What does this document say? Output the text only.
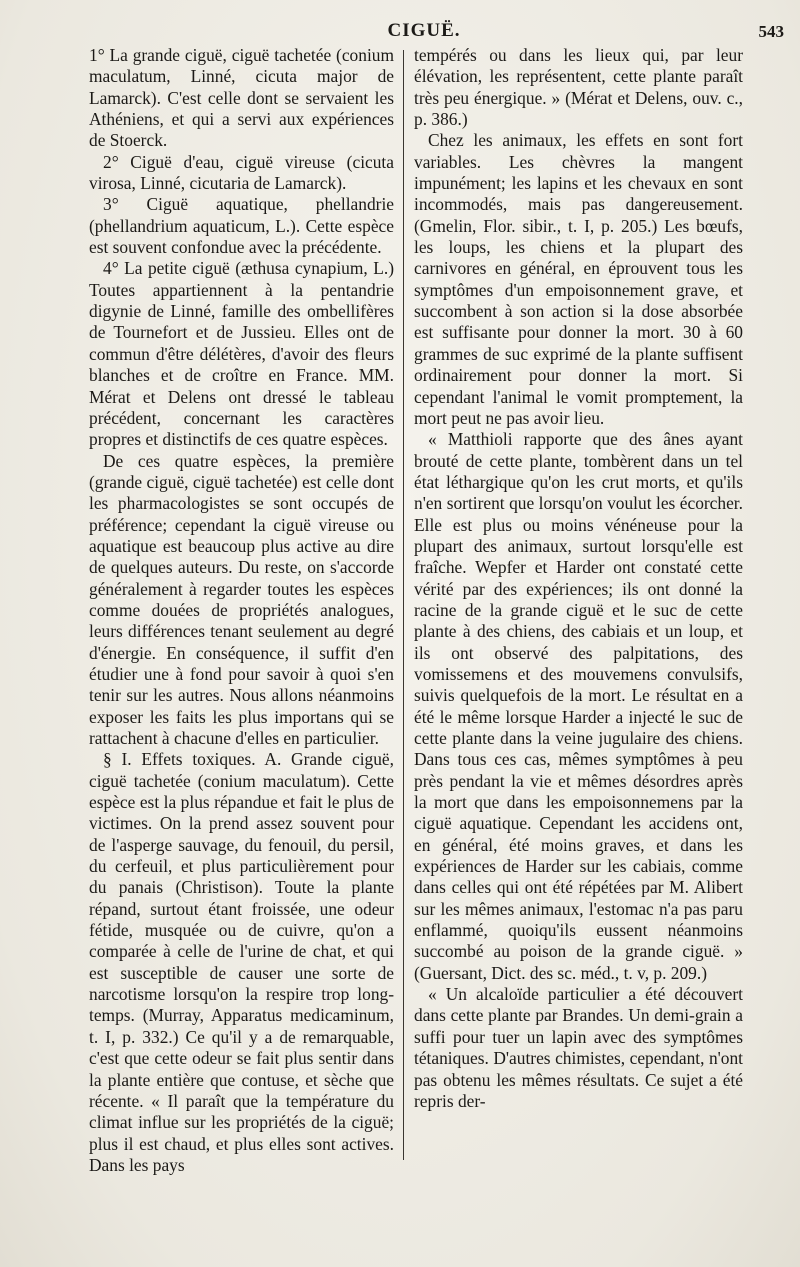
CIGUË.	543

1° La grande ciguë, ciguë tachetée (conium maculatum, Linné, cicuta major de Lamarck). C'est celle dont se servaient les Athéniens, et qui a servi aux expériences de Stoerck.

2° Ciguë d'eau, ciguë vireuse (cicuta virosa, Linné, cicutaria de Lamarck).

3° Ciguë aquatique, phellandrie (phellandrium aquaticum, L.). Cette espèce est souvent confondue avec la précédente.

4° La petite ciguë (æthusa cynapium, L.) Toutes appartiennent à la pentandrie digynie de Linné, famille des ombellifères de Tournefort et de Jussieu. Elles ont de commun d'être délétères, d'avoir des fleurs blanches et de croître en France. MM. Mérat et Delens ont dressé le tableau précédent, concernant les caractères propres et distinctifs de ces quatre espèces.

De ces quatre espèces, la première (grande ciguë, ciguë tachetée) est celle dont les pharmacologistes se sont occupés de préférence; cependant la ciguë vireuse ou aquatique est beaucoup plus active au dire de quelques auteurs. Du reste, on s'accorde généralement à regarder toutes les espèces comme douées de propriétés analogues, leurs différences tenant seulement au degré d'énergie. En conséquence, il suffit d'en étudier une à fond pour savoir à quoi s'en tenir sur les autres. Nous allons néanmoins exposer les faits les plus importans qui se rattachent à chacune d'elles en particulier.

§ I. Effets toxiques. A. Grande ciguë, ciguë tachetée (conium maculatum). Cette espèce est la plus répandue et fait le plus de victimes. On la prend assez souvent pour de l'asperge sauvage, du fenouil, du persil, du cerfeuil, et plus particulièrement pour du panais (Christison). Toute la plante répand, surtout étant froissée, une odeur fétide, musquée ou de cuivre, qu'on a comparée à celle de l'urine de chat, et qui est susceptible de causer une sorte de narcotisme lorsqu'on la respire trop long-temps. (Murray, Apparatus medicaminum, t. I, p. 332.) Ce qu'il y a de remarquable, c'est que cette odeur se fait plus sentir dans la plante entière que contuse, et sèche que récente. « Il paraît que la température du climat influe sur les propriétés de la ciguë; plus il est chaud, et plus elles sont actives. Dans les pays

tempérés ou dans les lieux qui, par leur élévation, les représentent, cette plante paraît très peu énergique. » (Mérat et Delens, ouv. c., p. 386.)

Chez les animaux, les effets en sont fort variables. Les chèvres la mangent impunément; les lapins et les chevaux en sont incommodés, mais pas dangereusement. (Gmelin, Flor. sibir., t. I, p. 205.) Les bœufs, les loups, les chiens et la plupart des carnivores en général, en éprouvent tous les symptômes d'un empoisonnement grave, et succombent à son action si la dose absorbée est suffisante pour donner la mort. 30 à 60 grammes de suc exprimé de la plante suffisent ordinairement pour donner la mort. Si cependant l'animal le vomit promptement, la mort peut ne pas avoir lieu.

« Matthioli rapporte que des ânes ayant brouté de cette plante, tombèrent dans un tel état léthargique qu'on les crut morts, et qu'ils n'en sortirent que lorsqu'on voulut les écorcher. Elle est plus ou moins vénéneuse pour la plupart des animaux, surtout lorsqu'elle est fraîche. Wepfer et Harder ont constaté cette vérité par des expériences; ils ont donné la racine de la grande ciguë et le suc de cette plante à des chiens, des cabiais et un loup, et ils ont observé des palpitations, des vomissemens et des mouvemens convulsifs, suivis quelquefois de la mort. Le résultat en a été le même lorsque Harder a injecté le suc de cette plante dans la veine jugulaire des chiens. Dans tous ces cas, mêmes symptômes à peu près pendant la vie et mêmes désordres après la mort que dans les empoisonnemens par la ciguë aquatique. Cependant les accidens ont, en général, été moins graves, et dans les expériences de Harder sur les cabiais, comme dans celles qui ont été répétées par M. Alibert sur les mêmes animaux, l'estomac n'a pas paru enflammé, quoiqu'ils eussent néanmoins succombé au poison de la grande ciguë. » (Guersant, Dict. des sc. méd., t. v, p. 209.)

« Un alcaloïde particulier a été découvert dans cette plante par Brandes. Un demi-grain a suffi pour tuer un lapin avec des symptômes tétaniques. D'autres chimistes, cependant, n'ont pas obtenu les mêmes résultats. Ce sujet a été repris der-
